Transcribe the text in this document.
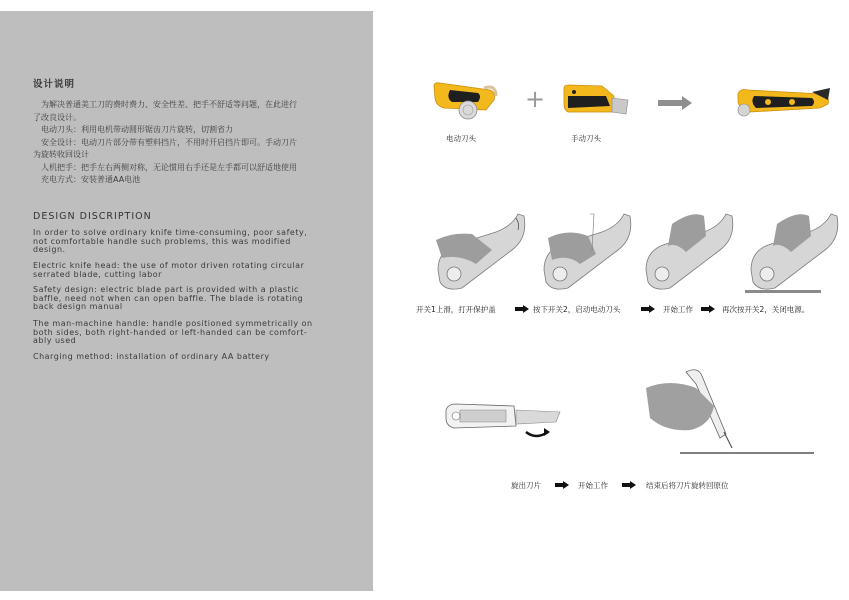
设计说明
　为解决普通美工刀的费时费力、安全性差、把手不舒适等问题，在此进行
了改良设计。
　电动刀头：利用电机带动圆形锯齿刀片旋转，切割省力
　安全设计：电动刀片部分带有塑料挡片，不用时开启挡片即可。手动刀片
为旋转收回设计
　人机把手：把手左右两侧对称，无论惯用右手还是左手都可以舒适地使用
　充电方式：安装普通AA电池
DESIGN DISCRIPTION
In order to solve ordinary knife time-consuming, poor safety,
not comfortable handle such problems, this was modified
design.
Electric knife head: the use of motor driven rotating circular
serrated blade, cutting labor
Safety design: electric blade part is provided with a plastic
baffle, need not when can open baffle. The blade is rotating
back design manual
The man-machine handle: handle positioned symmetrically on
both sides, both right-handed or left-handed can be comfort-
ably used
Charging method: installation of ordinary AA battery
+
电动刀头	手动刀头
开关1上滑，打开保护盖	按下开关2，启动电动刀头	开始工作	再次按开关2，关闭电源。
旋出刀片	开始工作	结束后将刀片旋转回原位
